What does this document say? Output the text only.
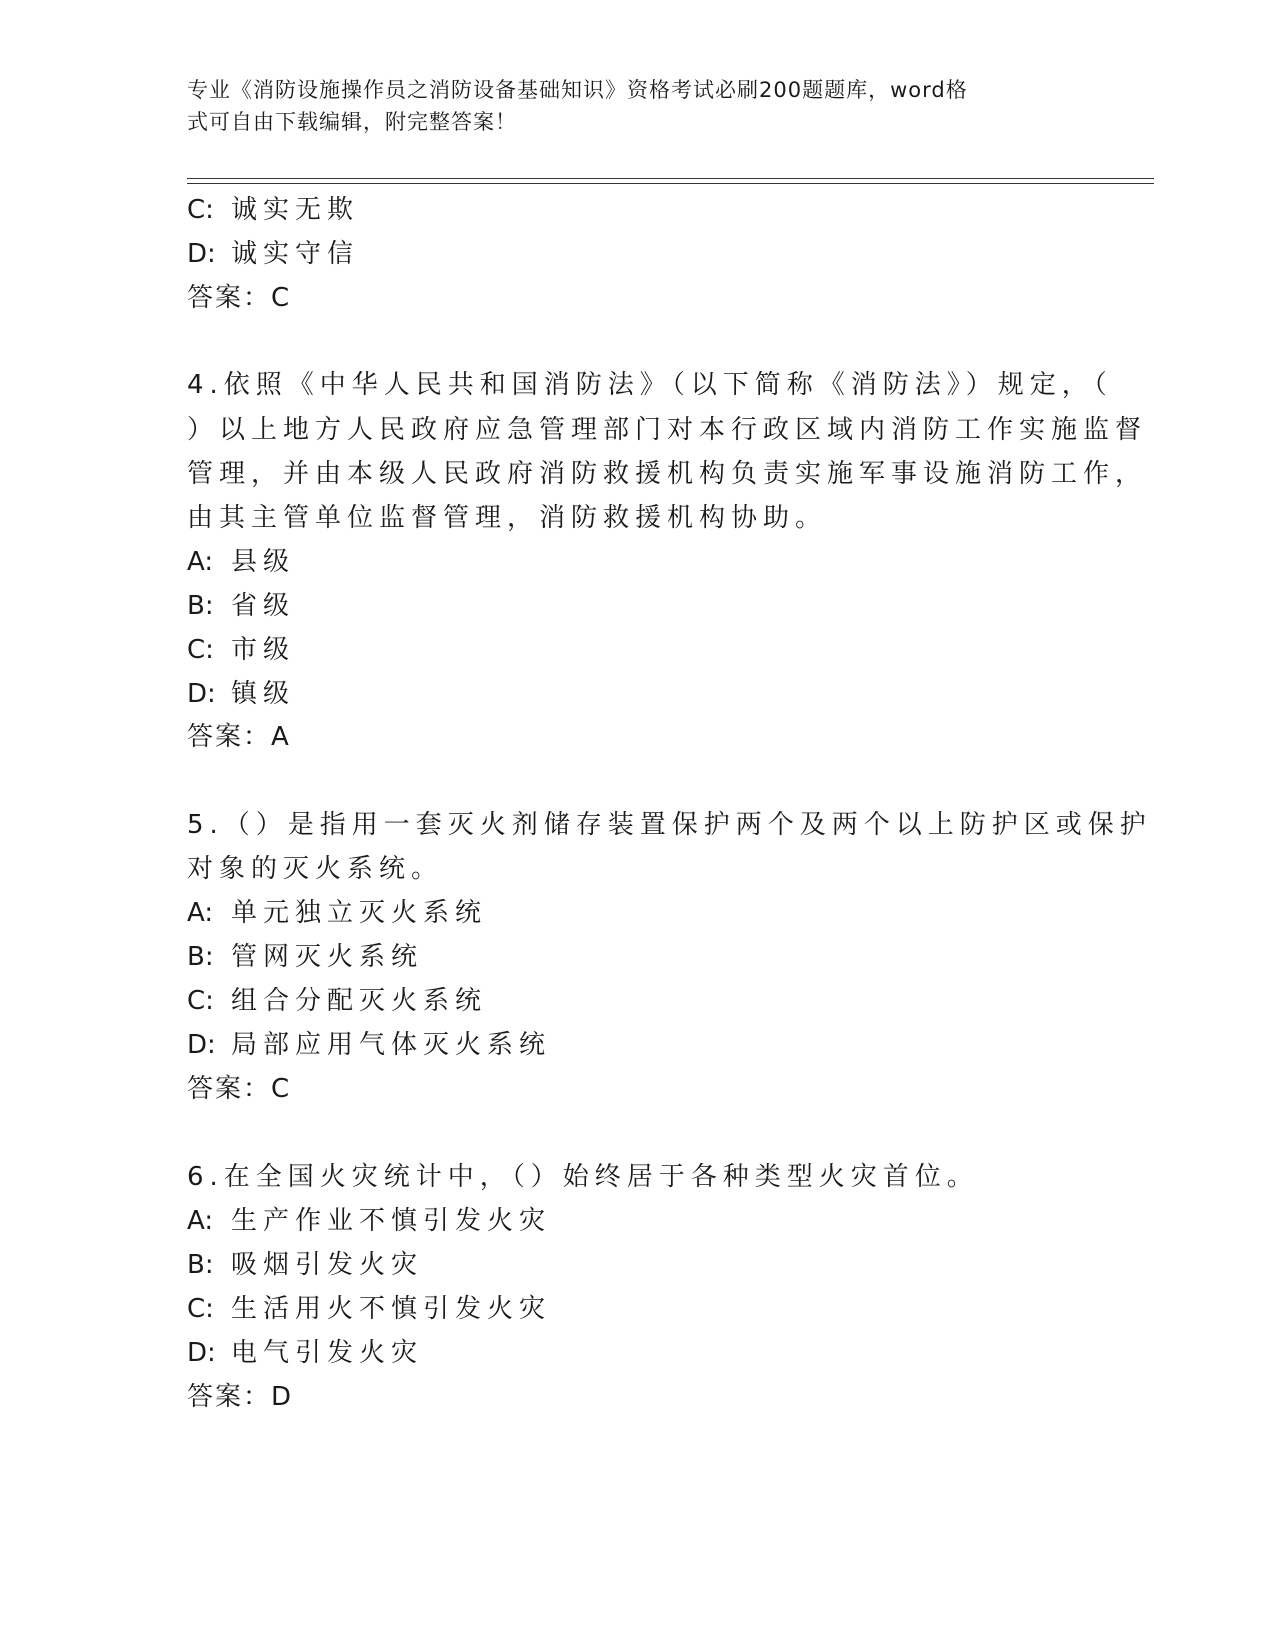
专业《消防设施操作员之消防设备基础知识》资格考试必刷200题题库，word格
式可自由下载编辑，附完整答案！
C: 诚实无欺
D: 诚实守信
答案：C
4.依照《中华人民共和国消防法》（以下简称《消防法》）规定，（
）以上地方人民政府应急管理部门对本行政区域内消防工作实施监督
管理，并由本级人民政府消防救援机构负责实施军事设施消防工作，
由其主管单位监督管理，消防救援机构协助。
A: 县级
B: 省级
C: 市级
D: 镇级
答案：A
5.（）是指用一套灭火剂储存装置保护两个及两个以上防护区或保护
对象的灭火系统。
A: 单元独立灭火系统
B: 管网灭火系统
C: 组合分配灭火系统
D: 局部应用气体灭火系统
答案：C
6.在全国火灾统计中，（）始终居于各种类型火灾首位。
A: 生产作业不慎引发火灾
B: 吸烟引发火灾
C: 生活用火不慎引发火灾
D: 电气引发火灾
答案：D
